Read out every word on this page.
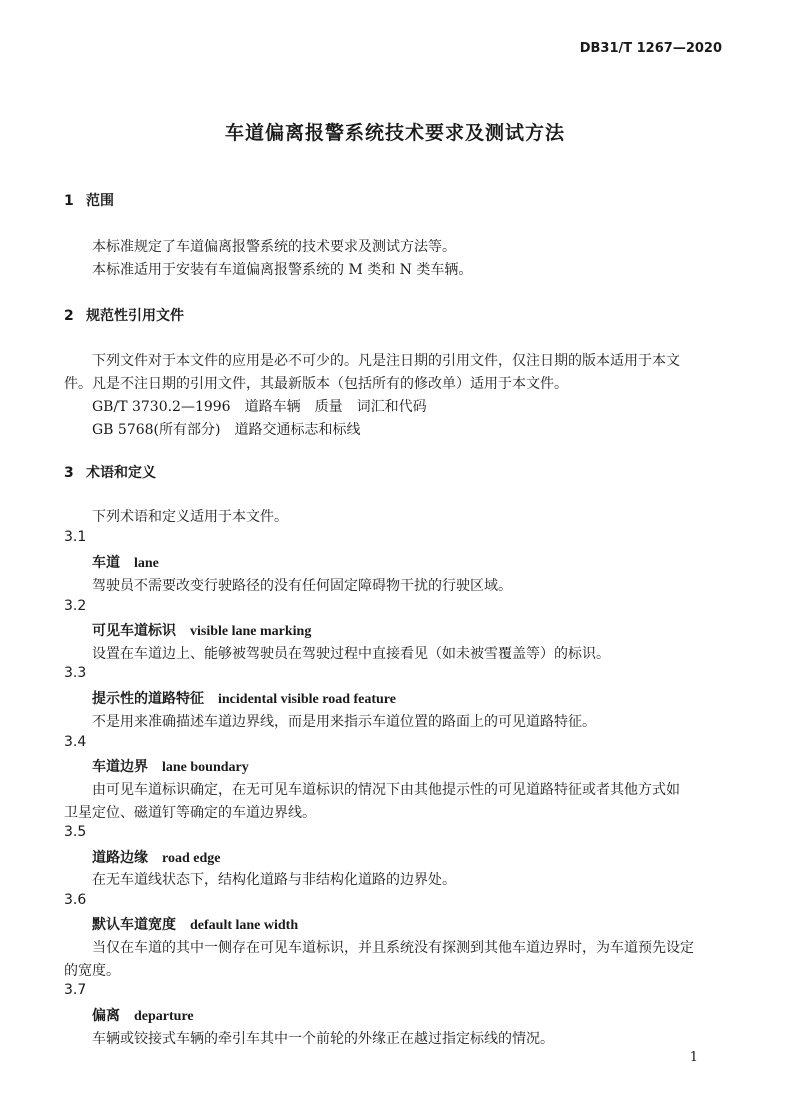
DB31/T 1267—2020
车道偏离报警系统技术要求及测试方法
1 范围
本标准规定了车道偏离报警系统的技术要求及测试方法等。
本标准适用于安装有车道偏离报警系统的 M 类和 N 类车辆。
2 规范性引用文件
下列文件对于本文件的应用是必不可少的。凡是注日期的引用文件，仅注日期的版本适用于本文
件。凡是不注日期的引用文件，其最新版本（包括所有的修改单）适用于本文件。
GB/T 3730.2—1996 道路车辆　质量　词汇和代码
GB 5768(所有部分) 道路交通标志和标线
3 术语和定义
下列术语和定义适用于本文件。
3.1
车道 lane
驾驶员不需要改变行驶路径的没有任何固定障碍物干扰的行驶区域。
3.2
可见车道标识 visible lane marking
设置在车道边上、能够被驾驶员在驾驶过程中直接看见（如未被雪覆盖等）的标识。
3.3
提示性的道路特征 incidental visible road feature
不是用来准确描述车道边界线，而是用来指示车道位置的路面上的可见道路特征。
3.4
车道边界 lane boundary
由可见车道标识确定，在无可见车道标识的情况下由其他提示性的可见道路特征或者其他方式如
卫星定位、磁道钉等确定的车道边界线。
3.5
道路边缘 road edge
在无车道线状态下，结构化道路与非结构化道路的边界处。
3.6
默认车道宽度 default lane width
当仅在车道的其中一侧存在可见车道标识，并且系统没有探测到其他车道边界时，为车道预先设定
的宽度。
3.7
偏离 departure
车辆或铰接式车辆的牵引车其中一个前轮的外缘正在越过指定标线的情况。
1
